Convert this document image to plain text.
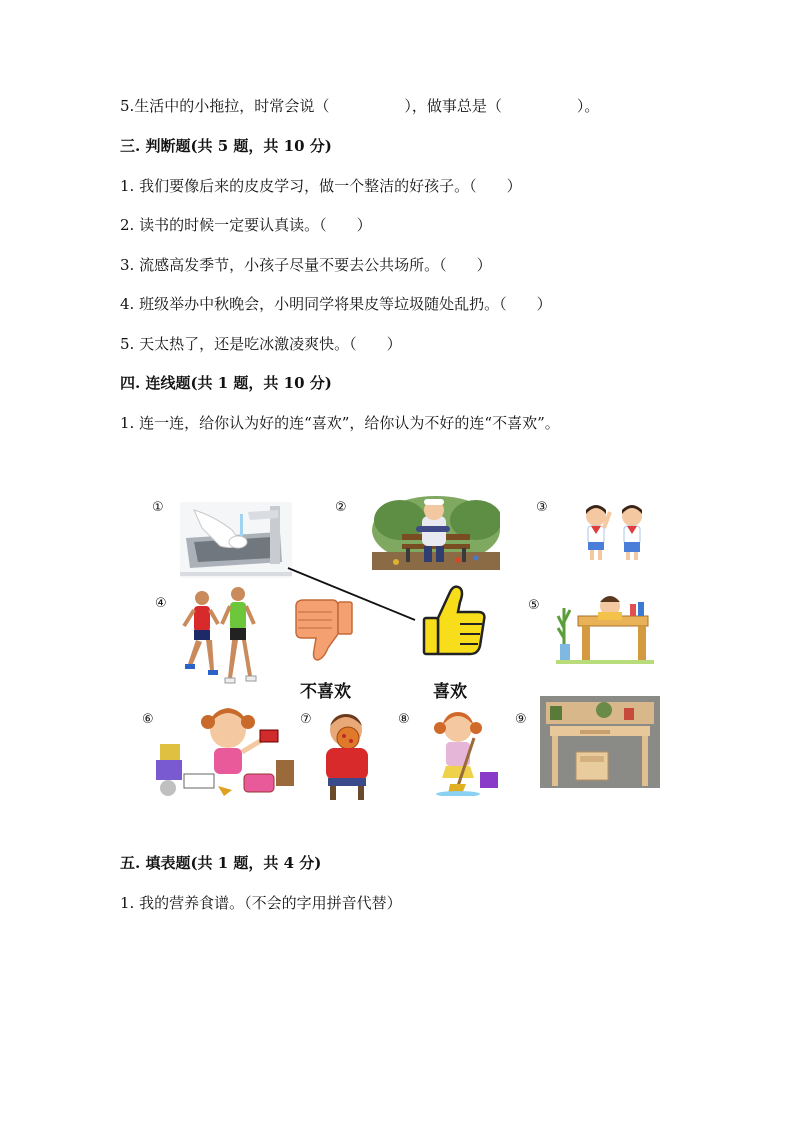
5.生活中的小拖拉，时常会说（　　　　　），做事总是（　　　　　）。
三. 判断题(共 5 题，共 10 分)
1. 我们要像后来的皮皮学习，做一个整洁的好孩子。（　　）
2. 读书的时候一定要认真读。（　　）
3. 流感高发季节，小孩子尽量不要去公共场所。（　　）
4. 班级举办中秋晚会，小明同学将果皮等垃圾随处乱扔。（　　）
5. 天太热了，还是吃冰激凌爽快。（　　）
四. 连线题(共 1 题，共 10 分)
1. 连一连，给你认为好的连“喜欢”，给你认为不好的连“不喜欢”。
①	②	③
④	⑤
⑥	⑦	⑧	⑨
不喜欢	喜欢
五. 填表题(共 1 题，共 4 分)
1. 我的营养食谱。（不会的字用拼音代替）
